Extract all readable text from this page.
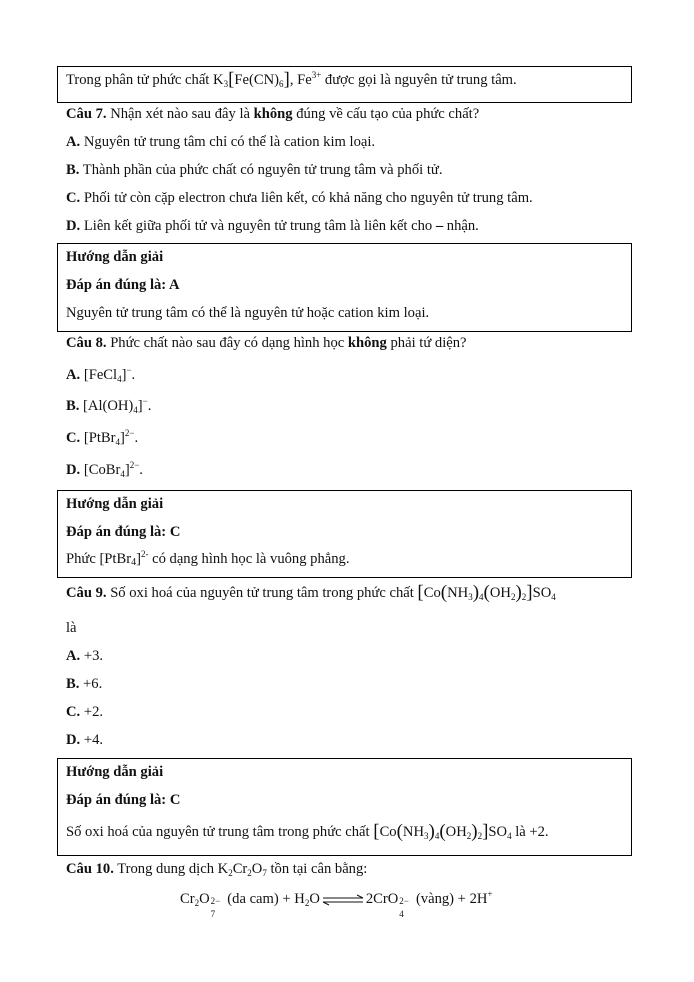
Trong phân tử phức chất $K_3[Fe(CN)_6]$, $Fe^{3+}$ được gọi là nguyên tử trung tâm.
Câu 7. Nhận xét nào sau đây là không đúng về cấu tạo của phức chất?
A. Nguyên tử trung tâm chỉ có thể là cation kim loại.
B. Thành phần của phức chất có nguyên tử trung tâm và phối tử.
C. Phối tử còn cặp electron chưa liên kết, có khả năng cho nguyên tử trung tâm.
D. Liên kết giữa phối tử và nguyên tử trung tâm là liên kết cho – nhận.
Hướng dẫn giải
Đáp án đúng là: A
Nguyên tử trung tâm có thể là nguyên tử hoặc cation kim loại.
Câu 8. Phức chất nào sau đây có dạng hình học không phải tứ diện?
A. [FeCl$_4$]−.
B. $[Al(OH)_4]^-$.
C. [PtBr$_4$]$^{2-}$.
D. [CoBr$_4$]$^{2-}$.
Hướng dẫn giải
Đáp án đúng là: C
Phức [PtBr$_4$]$^{2-}$ có dạng hình học là vuông phẳng.
Câu 9. Số oxi hoá của nguyên tử trung tâm trong phức chất $[Co(NH_3)_4(OH_2)_2]SO_4$
là
A. +3.
B. +6.
C. +2.
D. +4.
Hướng dẫn giải
Đáp án đúng là: C
Số oxi hoá của nguyên tử trung tâm trong phức chất $[Co(NH_3)_4(OH_2)_2]SO_4$ là +2.
Câu 10. Trong dung dịch $K_2Cr_2O_7$ tồn tại cân bằng:
$Cr_2O$ 2−
7
(da $cam) + H_2O\rightleftharpoons 2CrO$ 2−
4
(vàng) + 2H+
